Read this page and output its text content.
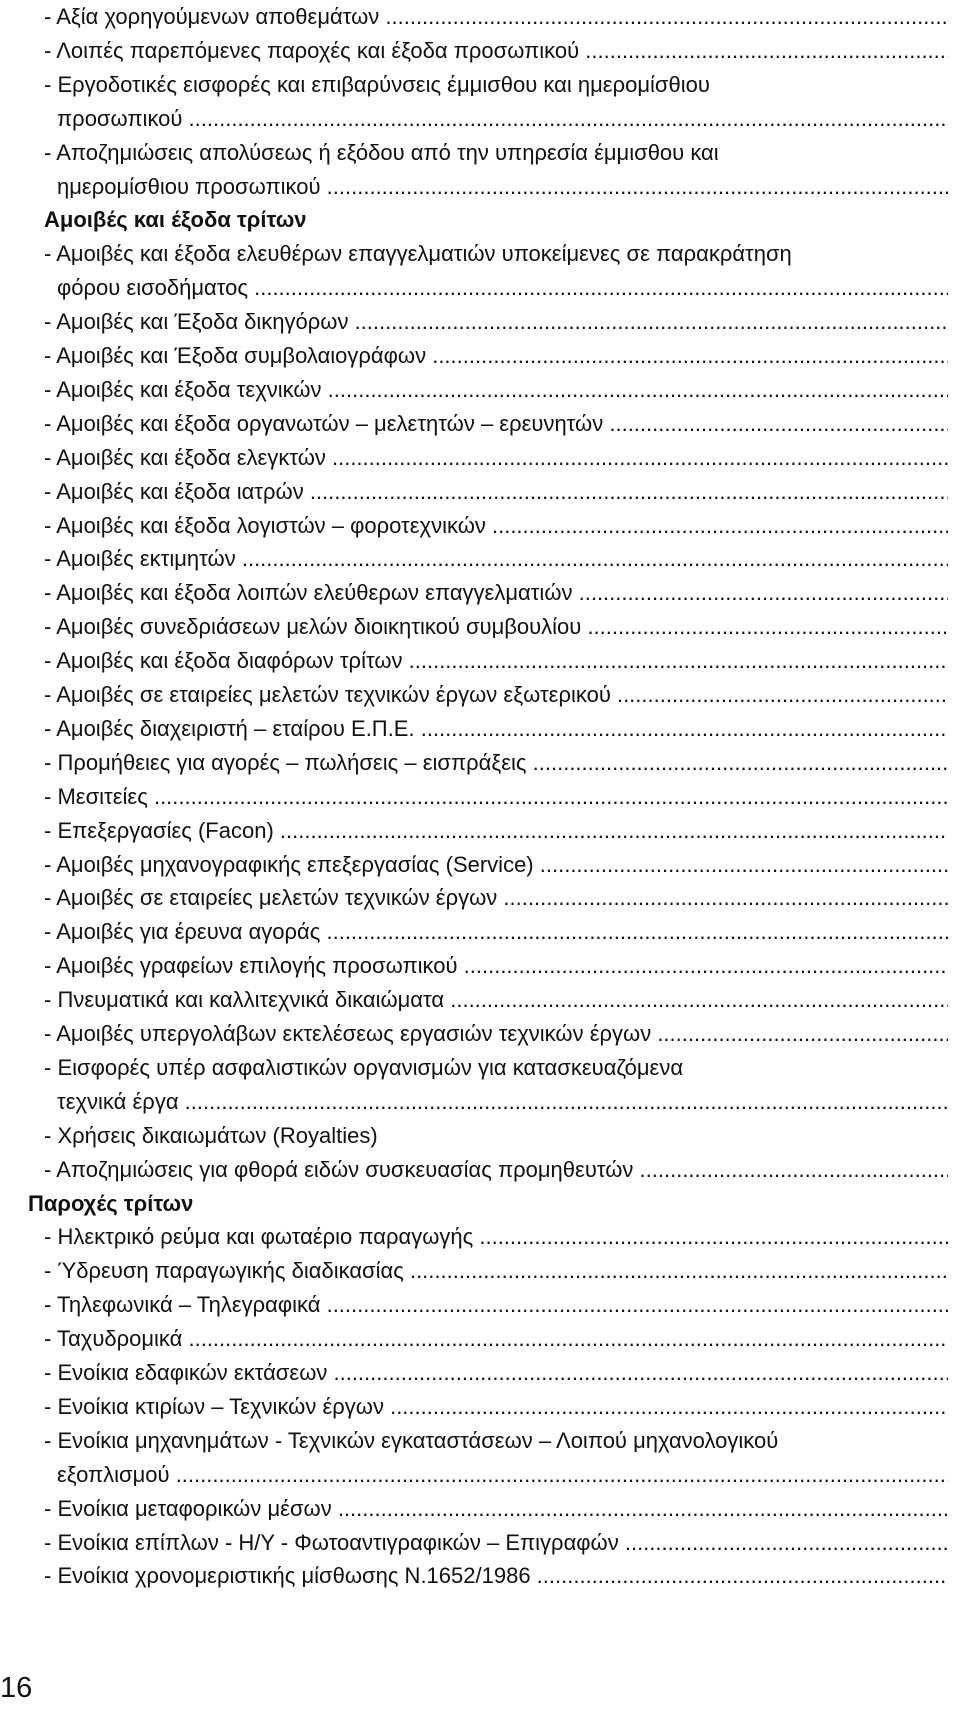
- Αξία χορηγούμενων αποθεμάτων .....
- Λοιπές παρεπόμενες παροχές και έξοδα προσωπικού .....
- Εργοδοτικές εισφορές και επιβαρύνσεις έμμισθου και ημερομίσθιου
προσωπικού .....
- Αποζημιώσεις απολύσεως ή εξόδου από την υπηρεσία έμμισθου και
ημερομίσθιου προσωπικού .....
Αμοιβές και έξοδα τρίτων
- Αμοιβές και έξοδα ελευθέρων επαγγελματιών υποκείμενες σε παρακράτηση
φόρου εισοδήματος .....
- Αμοιβές και Έξοδα δικηγόρων .....
- Αμοιβές και Έξοδα συμβολαιογράφων .....
- Αμοιβές και έξοδα τεχνικών .....
- Αμοιβές και έξοδα οργανωτών – μελετητών – ερευνητών .....
- Αμοιβές και έξοδα ελεγκτών .....
- Αμοιβές και έξοδα ιατρών .....
- Αμοιβές και έξοδα λογιστών – φοροτεχνικών .....
- Αμοιβές εκτιμητών .....
- Αμοιβές και έξοδα λοιπών ελεύθερων επαγγελματιών .....
- Αμοιβές συνεδριάσεων μελών διοικητικού συμβουλίου .....
- Αμοιβές και έξοδα διαφόρων τρίτων .....
- Αμοιβές σε εταιρείες μελετών τεχνικών έργων εξωτερικού .....
- Αμοιβές διαχειριστή – εταίρου Ε.Π.Ε. .....
- Προμήθειες για αγορές – πωλήσεις – εισπράξεις .....
- Μεσιτείες .....
- Επεξεργασίες (Facon) .....
- Αμοιβές μηχανογραφικής επεξεργασίας (Service) .....
- Αμοιβές σε εταιρείες μελετών τεχνικών έργων .....
- Αμοιβές για έρευνα αγοράς .....
- Αμοιβές γραφείων επιλογής προσωπικού .....
- Πνευματικά και καλλιτεχνικά δικαιώματα .....
- Αμοιβές υπεργολάβων εκτελέσεως εργασιών τεχνικών έργων .....
- Εισφορές υπέρ ασφαλιστικών οργανισμών για κατασκευαζόμενα
τεχνικά έργα .....
- Χρήσεις δικαιωμάτων (Royalties)
- Αποζημιώσεις για φθορά ειδών συσκευασίας προμηθευτών .....
Παροχές τρίτων
- Ηλεκτρικό ρεύμα και φωταέριο παραγωγής .....
- Ύδρευση παραγωγικής διαδικασίας .....
- Τηλεφωνικά – Τηλεγραφικά .....
- Ταχυδρομικά .....
- Ενοίκια εδαφικών εκτάσεων .....
- Ενοίκια κτιρίων – Τεχνικών έργων .....
- Ενοίκια μηχανημάτων - Τεχνικών εγκαταστάσεων – Λοιπού μηχανολογικού
εξοπλισμού .....
- Ενοίκια μεταφορικών μέσων .....
- Ενοίκια επίπλων - Η/Υ - Φωτοαντιγραφικών – Επιγραφών .....
- Ενοίκια χρονομεριστικής μίσθωσης Ν.1652/1986 .....
16
